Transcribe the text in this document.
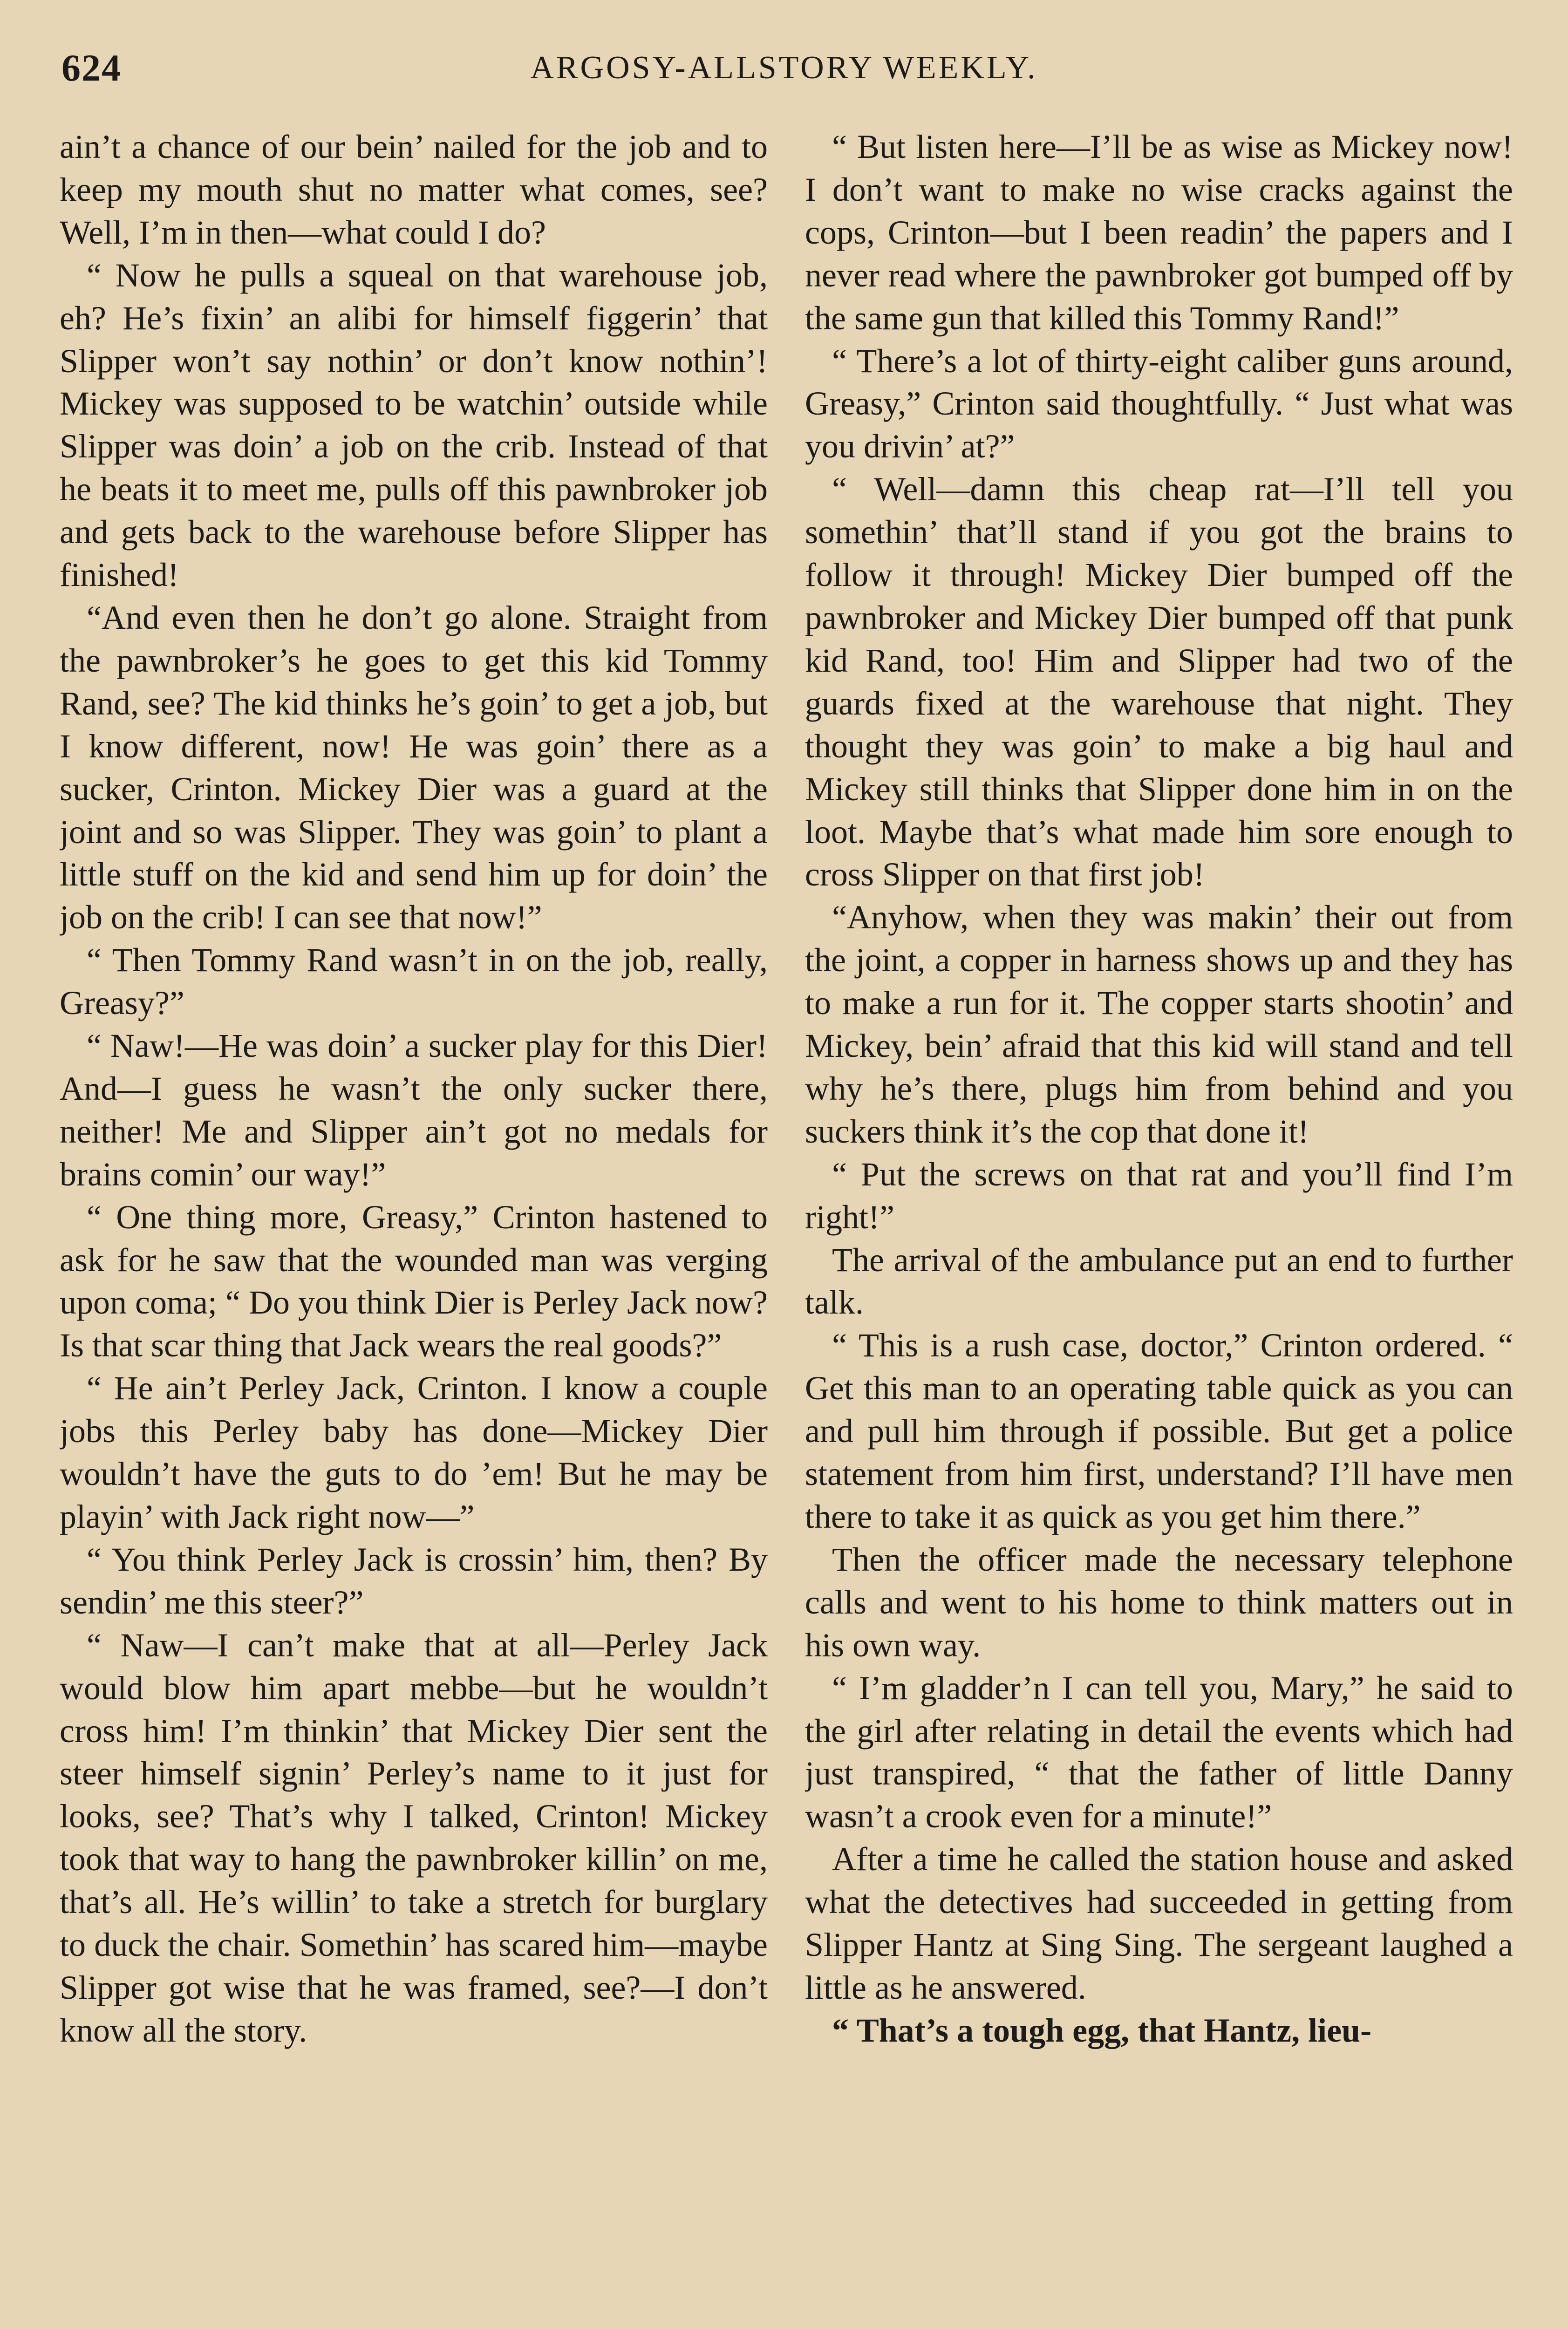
624	ARGOSY-ALLSTORY WEEKLY.

ain’t a chance of our bein’ nailed for the job and to keep my mouth shut no matter what comes, see? Well, I’m in then—what could I do?

“ Now he pulls a squeal on that warehouse job, eh? He’s fixin’ an alibi for himself figgerin’ that Slipper won’t say nothin’ or don’t know nothin’! Mickey was supposed to be watchin’ outside while Slipper was doin’ a job on the crib. Instead of that he beats it to meet me, pulls off this pawnbroker job and gets back to the warehouse before Slipper has finished!

“And even then he don’t go alone. Straight from the pawnbroker’s he goes to get this kid Tommy Rand, see? The kid thinks he’s goin’ to get a job, but I know different, now! He was goin’ there as a sucker, Crinton. Mickey Dier was a guard at the joint and so was Slipper. They was goin’ to plant a little stuff on the kid and send him up for doin’ the job on the crib! I can see that now!”

“ Then Tommy Rand wasn’t in on the job, really, Greasy?”

“ Naw!—He was doin’ a sucker play for this Dier! And—I guess he wasn’t the only sucker there, neither! Me and Slipper ain’t got no medals for brains comin’ our way!”

“ One thing more, Greasy,” Crinton hastened to ask for he saw that the wounded man was verging upon coma; “ Do you think Dier is Perley Jack now? Is that scar thing that Jack wears the real goods?”

“ He ain’t Perley Jack, Crinton. I know a couple jobs this Perley baby has done—Mickey Dier wouldn’t have the guts to do ’em! But he may be playin’ with Jack right now—”

“ You think Perley Jack is crossin’ him, then? By sendin’ me this steer?”

“ Naw—I can’t make that at all—Perley Jack would blow him apart mebbe—but he wouldn’t cross him! I’m thinkin’ that Mickey Dier sent the steer himself signin’ Perley’s name to it just for looks, see? That’s why I talked, Crinton! Mickey took that way to hang the pawnbroker killin’ on me, that’s all. He’s willin’ to take a stretch for burglary to duck the chair. Somethin’ has scared him—maybe Slipper got wise that he was framed, see?—I don’t know all the story.

“ But listen here—I’ll be as wise as Mickey now! I don’t want to make no wise cracks against the cops, Crinton—but I been readin’ the papers and I never read where the pawnbroker got bumped off by the same gun that killed this Tommy Rand!”

“ There’s a lot of thirty-eight caliber guns around, Greasy,” Crinton said thoughtfully. “ Just what was you drivin’ at?”

“ Well—damn this cheap rat—I’ll tell you somethin’ that’ll stand if you got the brains to follow it through! Mickey Dier bumped off the pawnbroker and Mickey Dier bumped off that punk kid Rand, too! Him and Slipper had two of the guards fixed at the warehouse that night. They thought they was goin’ to make a big haul and Mickey still thinks that Slipper done him in on the loot. Maybe that’s what made him sore enough to cross Slipper on that first job!

“Anyhow, when they was makin’ their out from the joint, a copper in harness shows up and they has to make a run for it. The copper starts shootin’ and Mickey, bein’ afraid that this kid will stand and tell why he’s there, plugs him from behind and you suckers think it’s the cop that done it!

“ Put the screws on that rat and you’ll find I’m right!”

The arrival of the ambulance put an end to further talk.

“ This is a rush case, doctor,” Crinton ordered. “ Get this man to an operating table quick as you can and pull him through if possible. But get a police statement from him first, understand? I’ll have men there to take it as quick as you get him there.”

Then the officer made the necessary telephone calls and went to his home to think matters out in his own way.

“ I’m gladder’n I can tell you, Mary,” he said to the girl after relating in detail the events which had just transpired, “ that the father of little Danny wasn’t a crook even for a minute!”

After a time he called the station house and asked what the detectives had succeeded in getting from Slipper Hantz at Sing Sing. The sergeant laughed a little as he answered.

“ That’s a tough egg, that Hantz, lieu-
